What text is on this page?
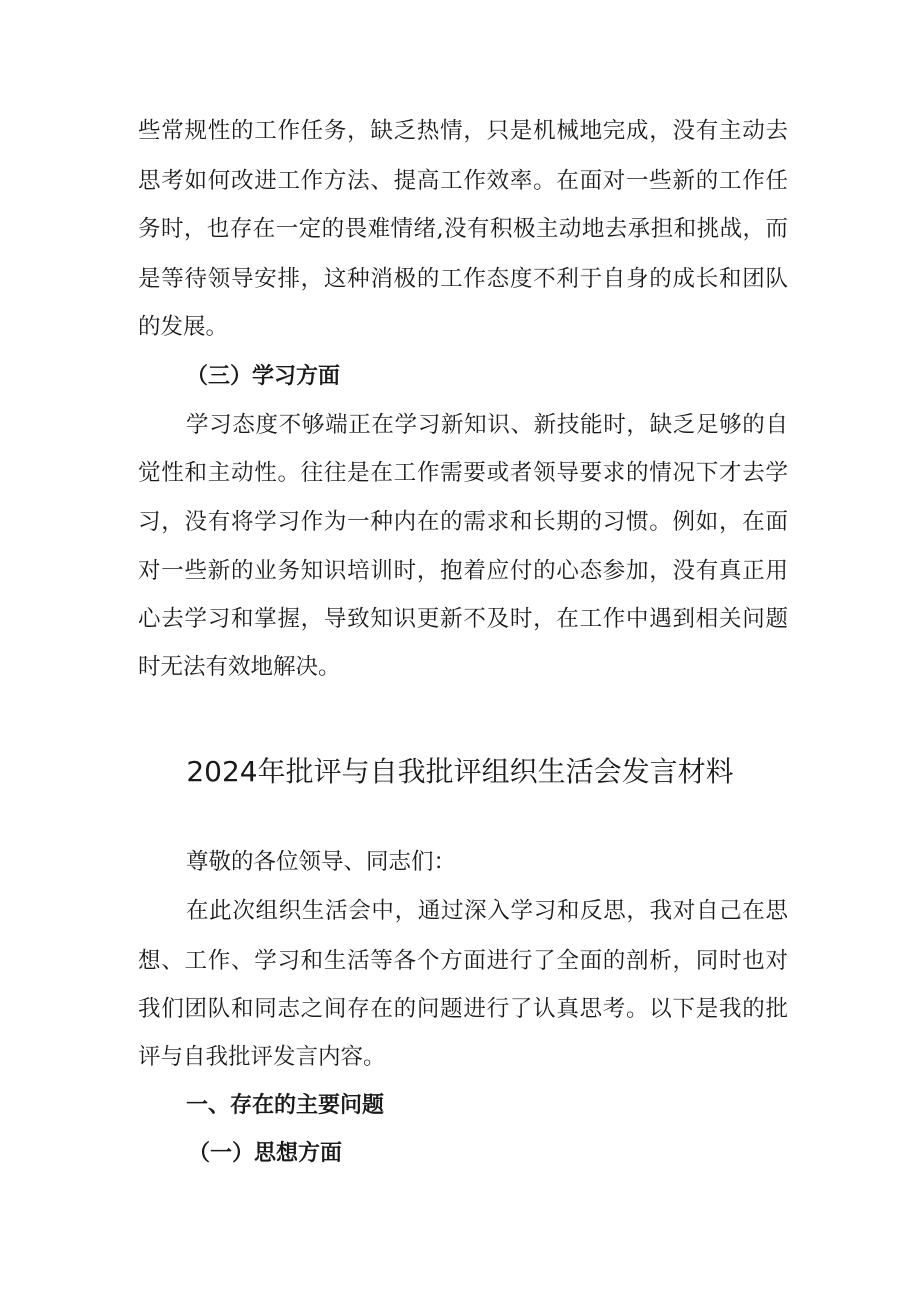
些常规性的工作任务，缺乏热情，只是机械地完成，没有主动去
思考如何改进工作方法、提高工作效率。在面对一些新的工作任
务时，也存在一定的畏难情绪,没有积极主动地去承担和挑战，而
是等待领导安排，这种消极的工作态度不利于自身的成长和团队
的发展。
（三）学习方面
学习态度不够端正在学习新知识、新技能时，缺乏足够的自
觉性和主动性。往往是在工作需要或者领导要求的情况下才去学
习，没有将学习作为一种内在的需求和长期的习惯。例如，在面
对一些新的业务知识培训时，抱着应付的心态参加，没有真正用
心去学习和掌握，导致知识更新不及时，在工作中遇到相关问题
时无法有效地解决。
2024年批评与自我批评组织生活会发言材料
尊敬的各位领导、同志们：
在此次组织生活会中，通过深入学习和反思，我对自己在思
想、工作、学习和生活等各个方面进行了全面的剖析，同时也对
我们团队和同志之间存在的问题进行了认真思考。以下是我的批
评与自我批评发言内容。
一、存在的主要问题
（一）思想方面
